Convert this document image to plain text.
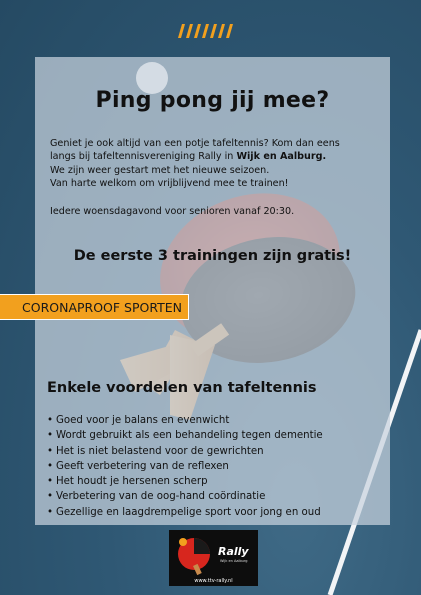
Ping pong jij mee?

Geniet je ook altijd van een potje tafeltennis? Kom dan eens
langs bij tafeltennisvereniging Rally in Wijk en Aalburg.
We zijn weer gestart met het nieuwe seizoen.
Van harte welkom om vrijblijvend mee te trainen!

Iedere woensdagavond voor senioren vanaf 20:30.

De eerste 3 trainingen zijn gratis!

CORONAPROOF SPORTEN

Enkele voordelen van tafeltennis

• Goed voor je balans en evenwicht
• Wordt gebruikt als een behandeling tegen dementie
• Het is niet belastend voor de gewrichten
• Geeft verbetering van de reflexen
• Het houdt je hersenen scherp
• Verbetering van de oog-hand coördinatie
• Gezellige en laagdrempelige sport voor jong en oud
Rally
Wijk en Aalburg
www.ttv-rally.nl
